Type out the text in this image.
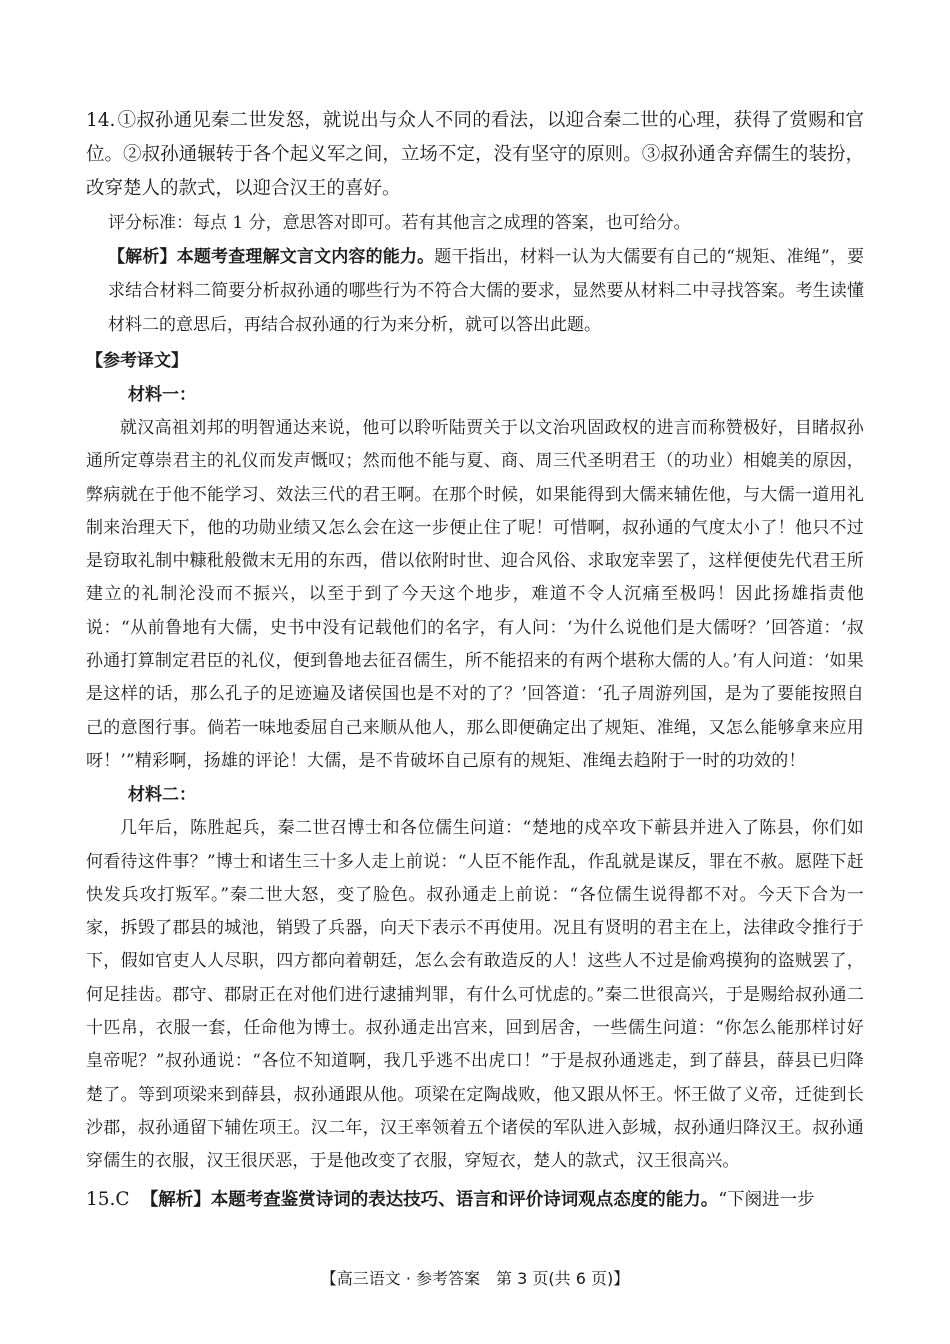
14. ①叔孙通见秦二世发怒，就说出与众人不同的看法，以迎合秦二世的心理，获得了赏赐和官位。②叔孙通辗转于各个起义军之间，立场不定，没有坚守的原则。③叔孙通舍弃儒生的装扮，改穿楚人的款式，以迎合汉王的喜好。
评分标准：每点 1 分，意思答对即可。若有其他言之成理的答案，也可给分。
【解析】本题考查理解文言文内容的能力。题干指出，材料一认为大儒要有自己的“规矩、准绳”，要求结合材料二简要分析叔孙通的哪些行为不符合大儒的要求，显然要从材料二中寻找答案。考生读懂材料二的意思后，再结合叔孙通的行为来分析，就可以答出此题。
【参考译文】
材料一：
就汉高祖刘邦的明智通达来说，他可以聆听陆贾关于以文治巩固政权的进言而称赞极好，目睹叔孙通所定尊崇君主的礼仪而发声慨叹；然而他不能与夏、商、周三代圣明君王（的功业）相媲美的原因，弊病就在于他不能学习、效法三代的君王啊。在那个时候，如果能得到大儒来辅佐他，与大儒一道用礼制来治理天下，他的功勋业绩又怎么会在这一步便止住了呢！可惜啊，叔孙通的气度太小了！他只不过是窃取礼制中糠秕般微末无用的东西，借以依附时世、迎合风俗、求取宠幸罢了，这样便使先代君王所建立的礼制沦没而不振兴，以至于到了今天这个地步，难道不令人沉痛至极吗！因此扬雄指责他说：“从前鲁地有大儒，史书中没有记载他们的名字，有人问：‘为什么说他们是大儒呀？’回答道：‘叔孙通打算制定君臣的礼仪，便到鲁地去征召儒生，所不能招来的有两个堪称大儒的人。’有人问道：‘如果是这样的话，那么孔子的足迹遍及诸侯国也是不对的了？’回答道：‘孔子周游列国，是为了要能按照自己的意图行事。倘若一味地委屈自己来顺从他人，那么即便确定出了规矩、准绳，又怎么能够拿来应用呀！’”精彩啊，扬雄的评论！大儒，是不肯破坏自己原有的规矩、准绳去趋附于一时的功效的！
材料二：
几年后，陈胜起兵，秦二世召博士和各位儒生问道：“楚地的戍卒攻下蕲县并进入了陈县，你们如何看待这件事？”博士和诸生三十多人走上前说：“人臣不能作乱，作乱就是谋反，罪在不赦。愿陛下赶快发兵攻打叛军。”秦二世大怒，变了脸色。叔孙通走上前说：“各位儒生说得都不对。今天下合为一家，拆毁了郡县的城池，销毁了兵器，向天下表示不再使用。况且有贤明的君主在上，法律政令推行于下，假如官吏人人尽职，四方都向着朝廷，怎么会有敢造反的人！这些人不过是偷鸡摸狗的盗贼罢了，何足挂齿。郡守、郡尉正在对他们进行逮捕判罪，有什么可忧虑的。”秦二世很高兴，于是赐给叔孙通二十匹帛，衣服一套，任命他为博士。叔孙通走出宫来，回到居舍，一些儒生问道：“你怎么能那样讨好皇帝呢？”叔孙通说：“各位不知道啊，我几乎逃不出虎口！”于是叔孙通逃走，到了薛县，薛县已归降楚了。等到项梁来到薛县，叔孙通跟从他。项梁在定陶战败，他又跟从怀王。怀王做了义帝，迁徙到长沙郡，叔孙通留下辅佐项王。汉二年，汉王率领着五个诸侯的军队进入彭城，叔孙通归降汉王。叔孙通穿儒生的衣服，汉王很厌恶，于是他改变了衣服，穿短衣，楚人的款式，汉王很高兴。
15.C 【解析】本题考查鉴赏诗词的表达技巧、语言和评价诗词观点态度的能力。“下阕进一步
【高三语文 · 参考答案　第 3 页(共 6 页)】
